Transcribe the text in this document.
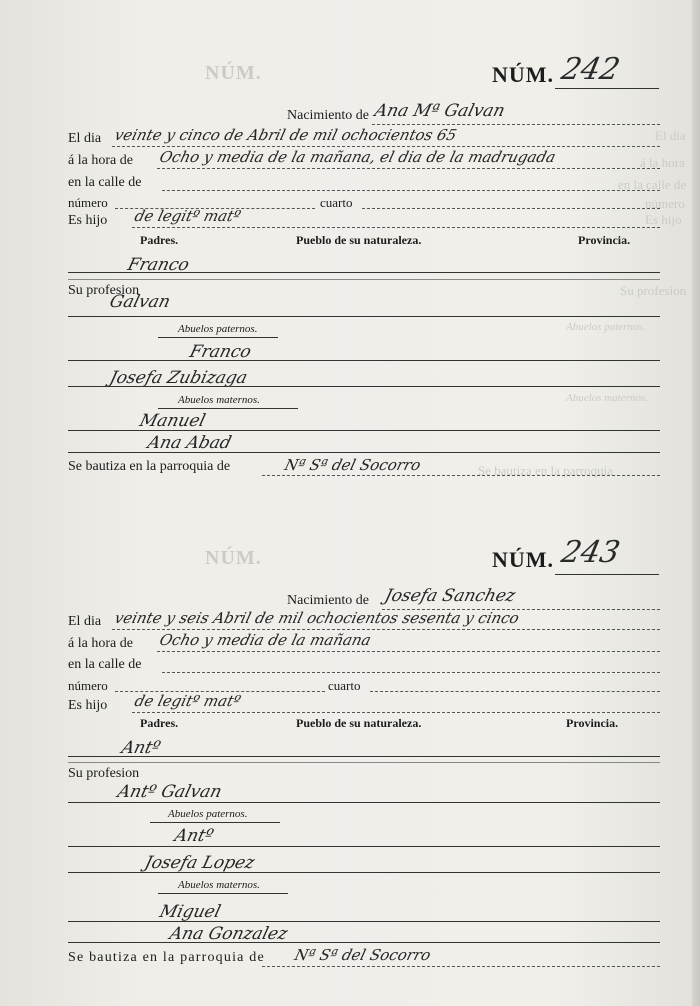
NÚM.
NÚM.
El dia
á la hora
en la calle de
número
Es hijo
Su profesion
Abuelos paternos.
Abuelos maternos.
Se bautiza en la parroquia
NÚM. 242
Nacimiento de Ana Mª Galvan
El dia veinte y cinco de Abril de mil ochocientos 65
á la hora de Ocho y media de la mañana, el dia de la madrugada
en la calle de
número	cuarto
Es hijo de legitº matº
Padres.	Pueblo de su naturaleza.	Provincia.
Franco
Su profesion
Galvan
Abuelos paternos.
Franco
Josefa Zubizaga
Abuelos maternos.
Manuel
Ana Abad
Se bautiza en la parroquia de	Nª Sª del Socorro
NÚM. 243
Nacimiento de Josefa Sanchez
El dia veinte y seis Abril de mil ochocientos sesenta y cinco
á la hora de Ocho y media de la mañana
en la calle de
número	cuarto
Es hijo de legitº matº
Padres.	Pueblo de su naturaleza.	Provincia.
Antº
Su profesion
Antº Galvan
Abuelos paternos.
Antº
Josefa Lopez
Abuelos maternos.
Miguel
Ana Gonzalez
Se bautiza en la parroquia de Nª Sª del Socorro
